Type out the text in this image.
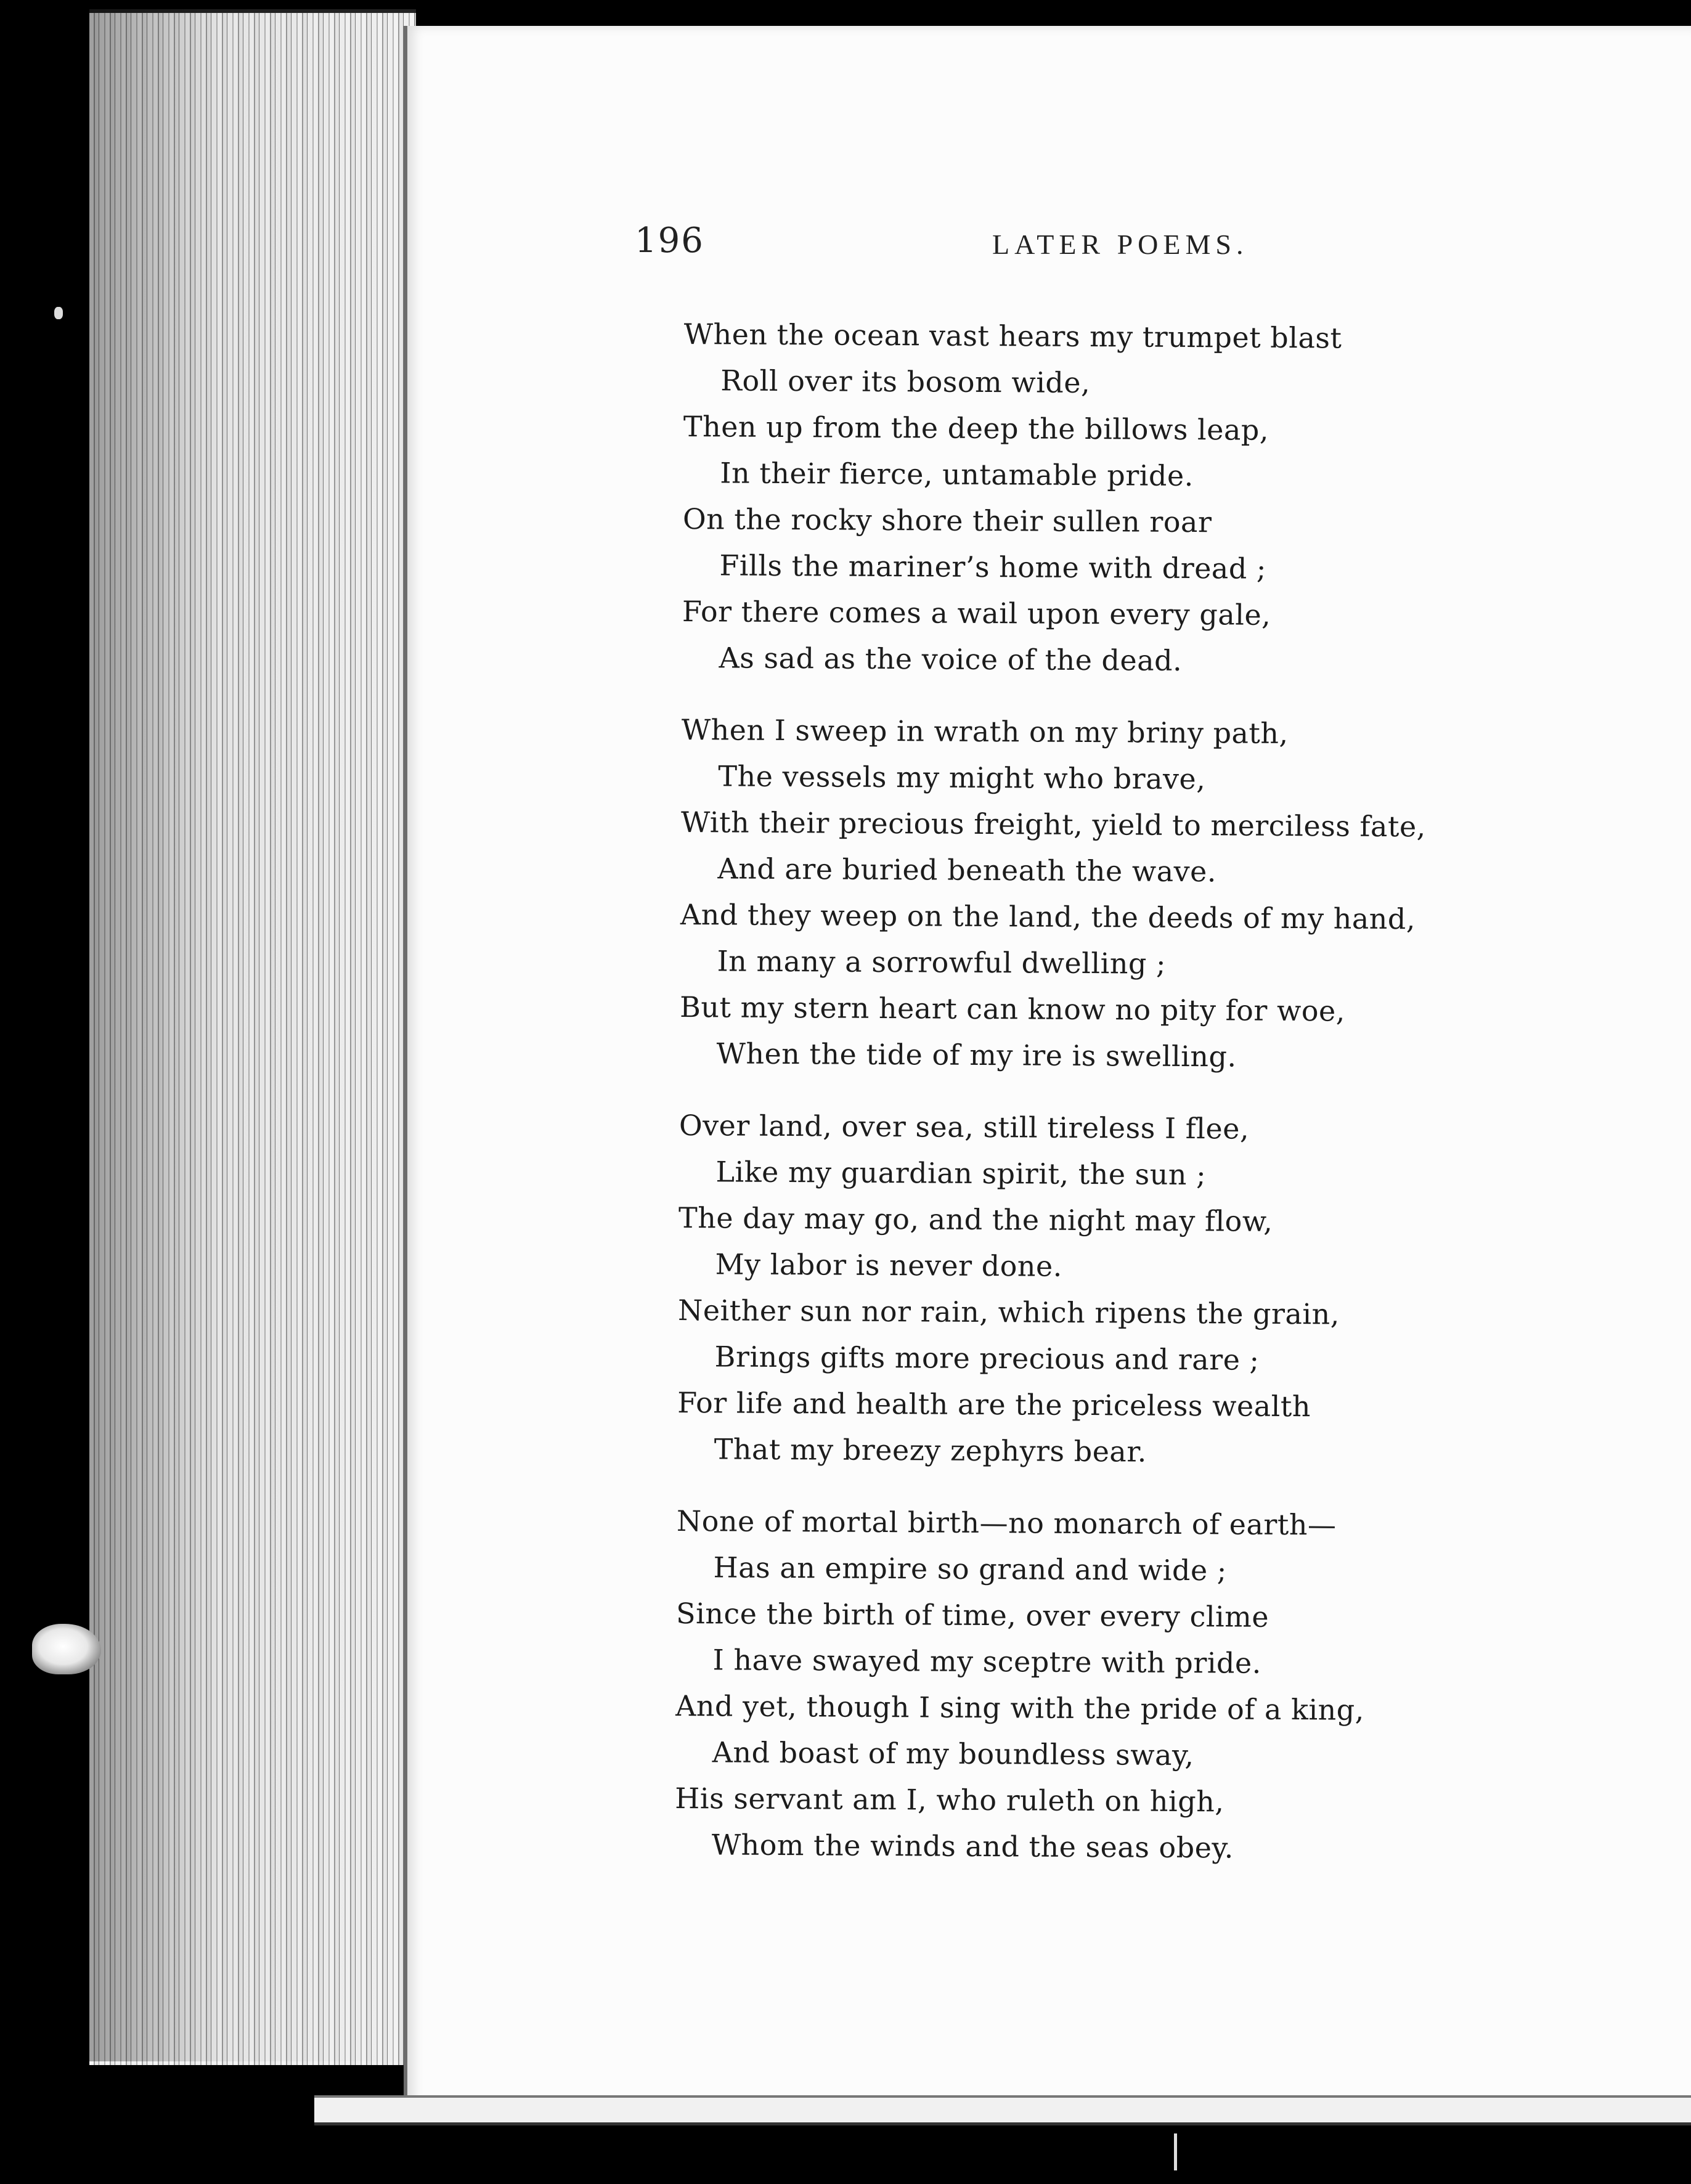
196	LATER POEMS.
When the ocean vast hears my trumpet blast
Roll over its bosom wide,
Then up from the deep the billows leap,
In their fierce, untamable pride.
On the rocky shore their sullen roar
Fills the mariner’s home with dread ;
For there comes a wail upon every gale,
As sad as the voice of the dead.
When I sweep in wrath on my briny path,
The vessels my might who brave,
With their precious freight, yield to merciless fate,
And are buried beneath the wave.
And they weep on the land, the deeds of my hand,
In many a sorrowful dwelling ;
But my stern heart can know no pity for woe,
When the tide of my ire is swelling.
Over land, over sea, still tireless I flee,
Like my guardian spirit, the sun ;
The day may go, and the night may flow,
My labor is never done.
Neither sun nor rain, which ripens the grain,
Brings gifts more precious and rare ;
For life and health are the priceless wealth
That my breezy zephyrs bear.
None of mortal birth—no monarch of earth—
Has an empire so grand and wide ;
Since the birth of time, over every clime
I have swayed my sceptre with pride.
And yet, though I sing with the pride of a king,
And boast of my boundless sway,
His servant am I, who ruleth on high,
Whom the winds and the seas obey.
